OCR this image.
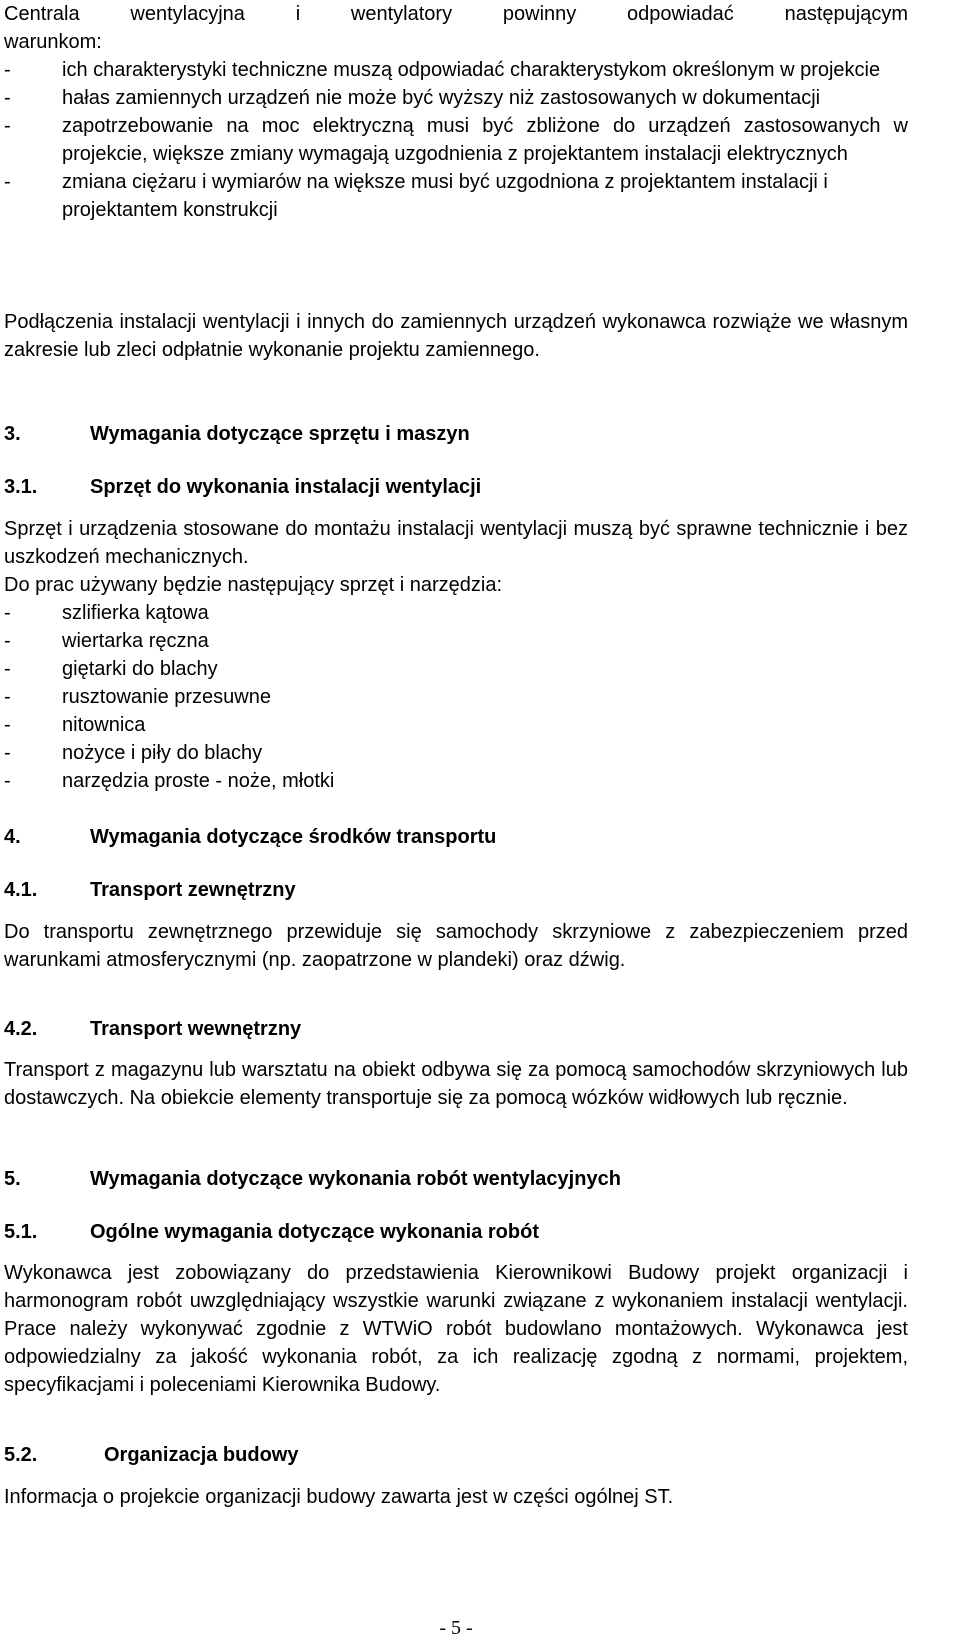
Centrala wentylacyjna i wentylatory powinny odpowiadać następującym

warunkom:

-	ich charakterystyki techniczne muszą odpowiadać charakterystykom określonym w projekcie
-	hałas zamiennych urządzeń nie może być wyższy niż zastosowanych w dokumentacji
-	zapotrzebowanie na moc elektryczną musi być zbliżone do urządzeń zastosowanych w projekcie, większe zmiany wymagają uzgodnienia z projektantem instalacji elektrycznych
-	zmiana ciężaru i wymiarów na większe musi być uzgodniona z projektantem instalacji i projektantem konstrukcji

Podłączenia instalacji wentylacji i innych do zamiennych urządzeń wykonawca rozwiąże we własnym zakresie lub zleci odpłatnie wykonanie projektu zamiennego.

3.	Wymagania dotyczące sprzętu i maszyn
3.1.	Sprzęt do wykonania instalacji wentylacji

Sprzęt i urządzenia stosowane do montażu instalacji wentylacji muszą być sprawne technicznie i bez uszkodzeń mechanicznych.

Do prac używany będzie następujący sprzęt i narzędzia:

-	szlifierka kątowa
-	wiertarka ręczna
-	giętarki do blachy
-	rusztowanie przesuwne
-	nitownica
-	nożyce i piły do blachy
-	narzędzia proste - noże, młotki
4.	Wymagania dotyczące środków transportu
4.1.	Transport zewnętrzny

Do transportu zewnętrznego przewiduje się samochody skrzyniowe z zabezpieczeniem przed warunkami atmosferycznymi (np. zaopatrzone w plandeki) oraz dźwig.

4.2.	Transport wewnętrzny

Transport z magazynu lub warsztatu na obiekt odbywa się za pomocą samochodów skrzyniowych lub dostawczych. Na obiekcie elementy transportuje się za pomocą wózków widłowych lub ręcznie.

5.	Wymagania dotyczące wykonania robót wentylacyjnych
5.1.	Ogólne wymagania dotyczące wykonania robót

Wykonawca jest zobowiązany do przedstawienia Kierownikowi Budowy projekt organizacji i harmonogram robót uwzględniający wszystkie warunki związane z wykonaniem instalacji wentylacji. Prace należy wykonywać zgodnie z WTWiO robót budowlano montażowych. Wykonawca jest odpowiedzialny za jakość wykonania robót, za ich realizację zgodną z normami, projektem, specyfikacjami i poleceniami Kierownika Budowy.

5.2.	Organizacja budowy

Informacja o projekcie organizacji budowy zawarta jest w części ogólnej ST.

- 5 -
